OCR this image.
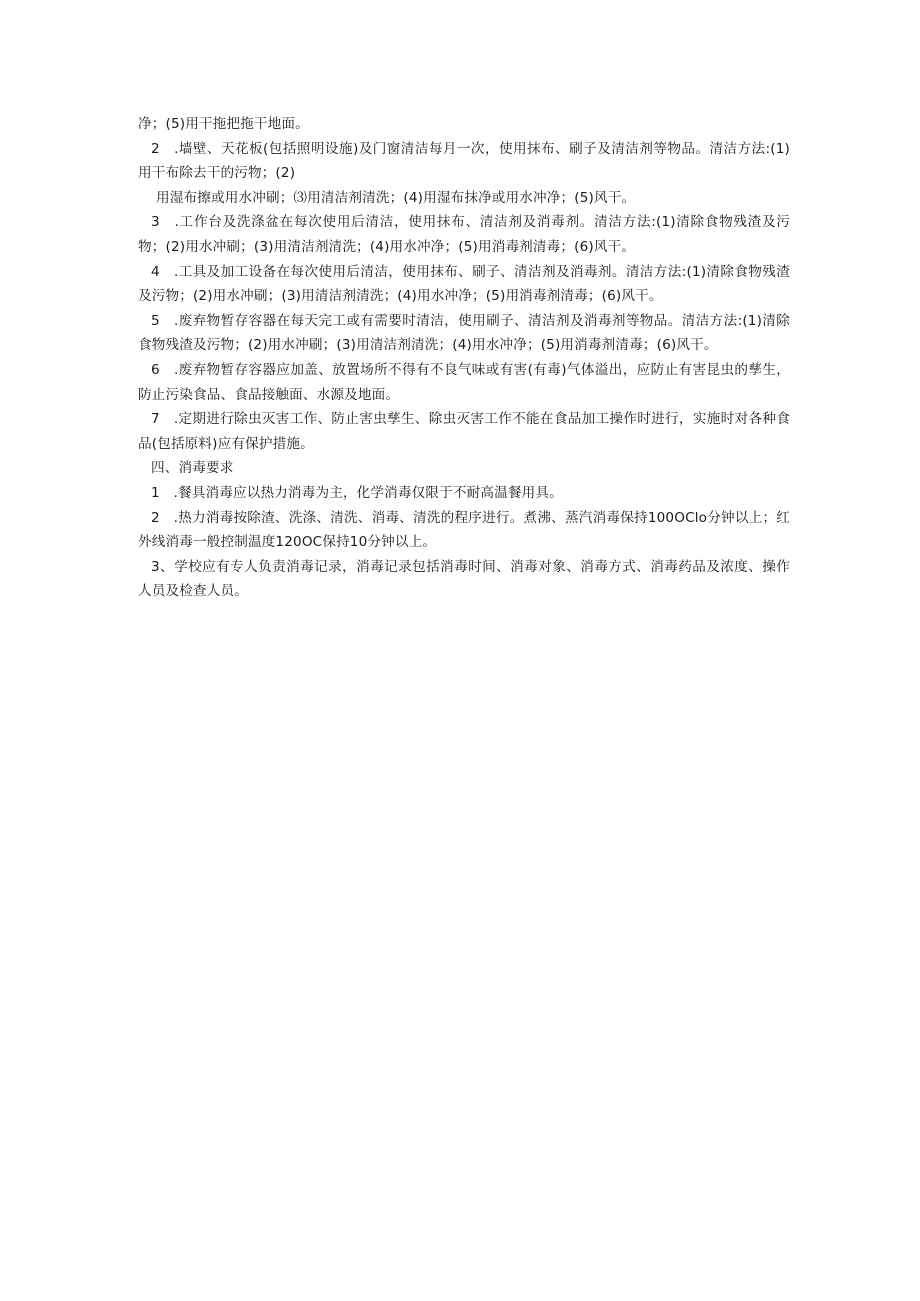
净；(5)用干拖把拖干地面。

2　.墙壁、天花板(包括照明设施)及门窗清洁每月一次，使用抹布、刷子及清洁剂等物品。清洁方法:(1)用干布除去干的污物；(2)

用湿布擦或用水冲刷；⑶用清洁剂清洗；(4)用湿布抹净或用水冲净；(5)风干。

3　.工作台及洗涤盆在每次使用后清洁，使用抹布、清洁剂及消毒剂。清洁方法:(1)清除食物残渣及污物；(2)用水冲刷；(3)用清洁剂清洗；(4)用水冲净；(5)用消毒剂清毒；(6)风干。

4　.工具及加工设备在每次使用后清洁，使用抹布、刷子、清洁剂及消毒剂。清洁方法:(1)清除食物残渣及污物；(2)用水冲刷；(3)用清洁剂清洗；(4)用水冲净；(5)用消毒剂清毒；(6)风干。

5　.废弃物暂存容器在每天完工或有需要时清洁，使用刷子、清洁剂及消毒剂等物品。清洁方法:(1)清除食物残渣及污物；(2)用水冲刷；(3)用清洁剂清洗；(4)用水冲净；(5)用消毒剂清毒；(6)风干。

6　.废弃物暂存容器应加盖、放置场所不得有不良气味或有害(有毒)气体溢出，应防止有害昆虫的孳生，防止污染食品、食品接触面、水源及地面。

7　.定期进行除虫灭害工作、防止害虫孳生、除虫灭害工作不能在食品加工操作时进行，实施时对各种食品(包括原料)应有保护措施。

四、消毒要求

1　.餐具消毒应以热力消毒为主，化学消毒仅限于不耐高温餐用具。

2　.热力消毒按除渣、洗涤、清洗、消毒、清洗的程序进行。煮沸、蒸汽消毒保持100OClo分钟以上；红外线消毒一般控制温度120OC保持10分钟以上。

3、学校应有专人负责消毒记录，消毒记录包括消毒时间、消毒对象、消毒方式、消毒药品及浓度、操作人员及检查人员。
